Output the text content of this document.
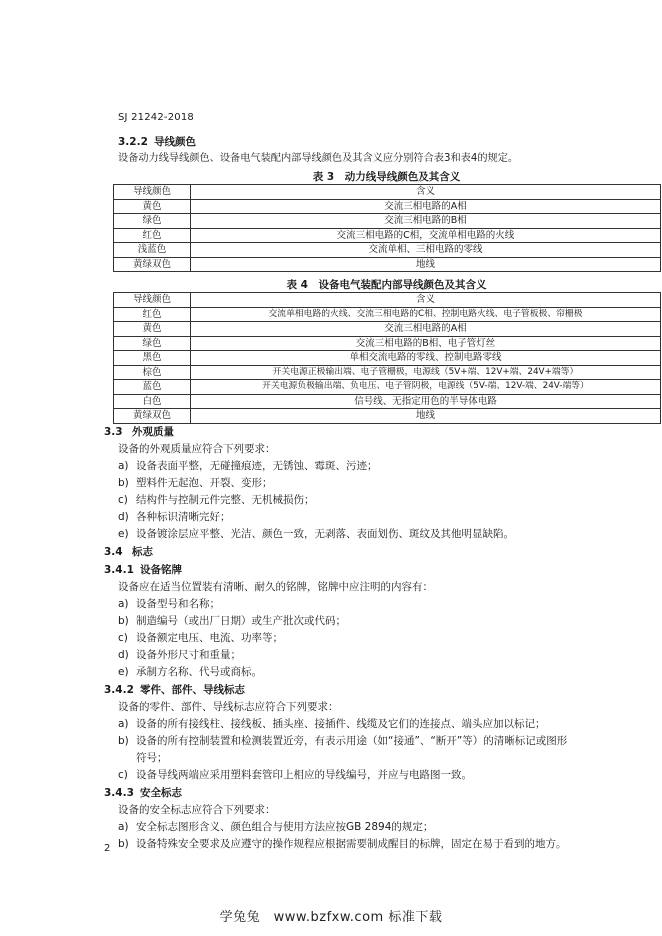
SJ 21242-2018
3.2.2 导线颜色
设备动力线导线颜色、设备电气装配内部导线颜色及其含义应分别符合表3和表4的规定。
表 3　动力线导线颜色及其含义
导线颜色	含义
黄色	交流三相电路的A相
绿色	交流三相电路的B相
红色	交流三相电路的C相，交流单相电路的火线
浅蓝色	交流单相、三相电路的零线
黄绿双色	地线
表 4　设备电气装配内部导线颜色及其含义
导线颜色	含义
红色	交流单相电路的火线、交流三相电路的C相、控制电路火线、电子管板极、帘栅极
黄色	交流三相电路的A相
绿色	交流三相电路的B相、电子管灯丝
黑色	单相交流电路的零线、控制电路零线
棕色	开关电源正极输出端、电子管栅极，电源线（5V+端、12V+端、24V+端等）
蓝色	开关电源负极输出端、负电压、电子管阴极，电源线（5V-端、12V-端、24V-端等）
白色	信号线、无指定用色的半导体电路
黄绿双色	地线
3.3 外观质量
设备的外观质量应符合下列要求：
a) 设备表面平整，无碰撞痕迹，无锈蚀、霉斑、污迹；
b) 塑料件无起泡、开裂、变形；
c) 结构件与控制元件完整、无机械损伤；
d) 各种标识清晰完好；
e) 设备镀涂层应平整、光洁、颜色一致，无剥落、表面划伤、斑纹及其他明显缺陷。
3.4 标志
3.4.1 设备铭牌
设备应在适当位置装有清晰、耐久的铭牌，铭牌中应注明的内容有：
a) 设备型号和名称；
b) 制造编号（或出厂日期）或生产批次或代码；
c) 设备额定电压、电流、功率等；
d) 设备外形尺寸和重量；
e) 承制方名称、代号或商标。
3.4.2 零件、部件、导线标志
设备的零件、部件、导线标志应符合下列要求：
a) 设备的所有接线柱、接线板、插头座、接插件、线缆及它们的连接点、端头应加以标记；
b) 设备的所有控制装置和检测装置近旁，有表示用途（如“接通”、“断开”等）的清晰标记或图形
符号；
c) 设备导线两端应采用塑料套管印上相应的导线编号，并应与电路图一致。
3.4.3 安全标志
设备的安全标志应符合下列要求：
a) 安全标志图形含义、颜色组合与使用方法应按GB 2894的规定；
b) 设备特殊安全要求及应遵守的操作规程应根据需要制成醒目的标牌，固定在易于看到的地方。
2
学兔兔　www.bzfxw.com 标准下载
